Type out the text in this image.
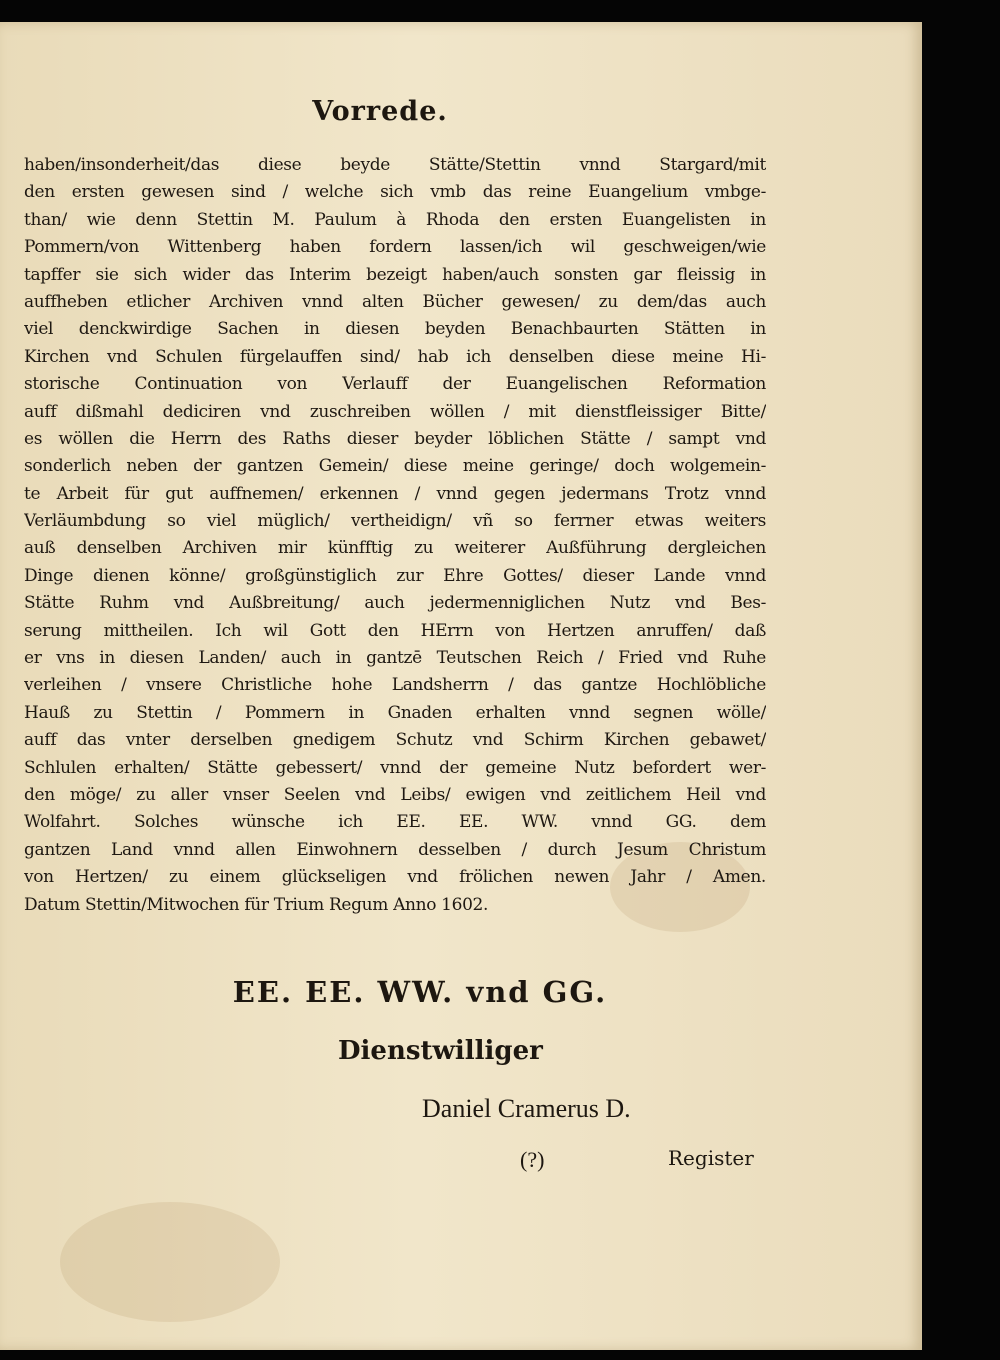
Vorrede.
haben/insonderheit/das diese beyde Stätte/Stettin vnnd Stargard/mit
den ersten gewesen sind / welche sich vmb das reine Euangelium vmbge-
than/ wie denn Stettin M. Paulum à Rhoda den ersten Euangelisten in
Pommern/von Wittenberg haben fordern lassen/ich wil geschweigen/wie
tapffer sie sich wider das Interim bezeigt haben/auch sonsten gar fleissig in
auffheben etlicher Archiven vnnd alten Bücher gewesen/ zu dem/das auch
viel denckwirdige Sachen in diesen beyden Benachbaurten Stätten in
Kirchen vnd Schulen fürgelauffen sind/ hab ich denselben diese meine Hi-
storische Continuation von Verlauff der Euangelischen Reformation
auff dißmahl dediciren vnd zuschreiben wöllen / mit dienstfleissiger Bitte/
es wöllen die Herrn des Raths dieser beyder löblichen Stätte / sampt vnd
sonderlich neben der gantzen Gemein/ diese meine geringe/ doch wolgemein-
te Arbeit für gut auffnemen/ erkennen / vnnd gegen jedermans Trotz vnnd
Verläumbdung so viel müglich/ vertheidign/ vñ so ferrner etwas weiters
auß denselben Archiven mir künfftig zu weiterer Außführung dergleichen
Dinge dienen könne/ großgünstiglich zur Ehre Gottes/ dieser Lande vnnd
Stätte Ruhm vnd Außbreitung/ auch jedermenniglichen Nutz vnd Bes-
serung mittheilen. Ich wil Gott den HErrn von Hertzen anruffen/ daß
er vns in diesen Landen/ auch in gantzē Teutschen Reich / Fried vnd Ruhe
verleihen / vnsere Christliche hohe Landsherrn / das gantze Hochlöbliche
Hauß zu Stettin / Pommern in Gnaden erhalten vnnd segnen wölle/
auff das vnter derselben gnedigem Schutz vnd Schirm Kirchen gebawet/
Schlulen erhalten/ Stätte gebessert/ vnnd der gemeine Nutz befordert wer-
den möge/ zu aller vnser Seelen vnd Leibs/ ewigen vnd zeitlichem Heil vnd
Wolfahrt. Solches wünsche ich EE. EE. WW. vnnd GG. dem
gantzen Land vnnd allen Einwohnern desselben / durch Jesum Christum
von Hertzen/ zu einem glückseligen vnd frölichen newen Jahr / Amen.
Datum Stettin/Mitwochen für Trium Regum Anno 1602.
EE. EE. WW. vnd GG.
Dienstwilliger
Daniel Cramerus D.
(?)	Register
